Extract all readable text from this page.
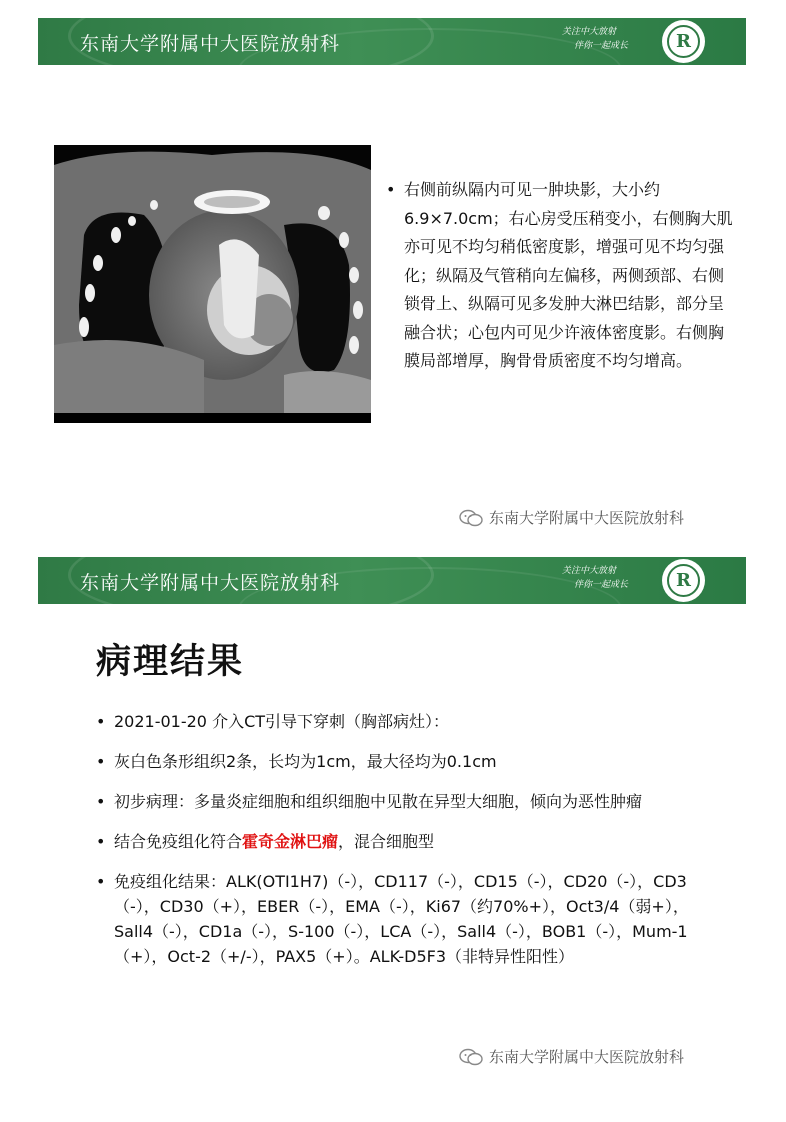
东南大学附属中大医院放射科
关注中大放射
伴你一起成长	R
• 右侧前纵隔内可见一肿块影，大小约6.9×7.0cm；右心房受压稍变小，右侧胸大肌亦可见不均匀稍低密度影，增强可见不均匀强化；纵隔及气管稍向左偏移，两侧颈部、右侧锁骨上、纵隔可见多发肿大淋巴结影，部分呈融合状；心包内可见少许液体密度影。右侧胸膜局部增厚，胸骨骨质密度不均匀增高。
东南大学附属中大医院放射科
东南大学附属中大医院放射科
关注中大放射
伴你一起成长	R
病理结果
• 2021-01-20 介入CT引导下穿刺（胸部病灶）：
• 灰白色条形组织2条，长均为1cm，最大径均为0.1cm
• 初步病理：多量炎症细胞和组织细胞中见散在异型大细胞，倾向为恶性肿瘤
• 结合免疫组化符合霍奇金淋巴瘤，混合细胞型
• 免疫组化结果：ALK(OTI1H7)（-），CD117（-），CD15（-），CD20（-），CD3（-），CD30（+），EBER（-），EMA（-），Ki67（约70%+），Oct3/4（弱+），Sall4（-），CD1a（-），S-100（-），LCA（-），Sall4（-），BOB1（-），Mum-1（+），Oct-2（+/-），PAX5（+）。ALK-D5F3（非特异性阳性）
东南大学附属中大医院放射科
